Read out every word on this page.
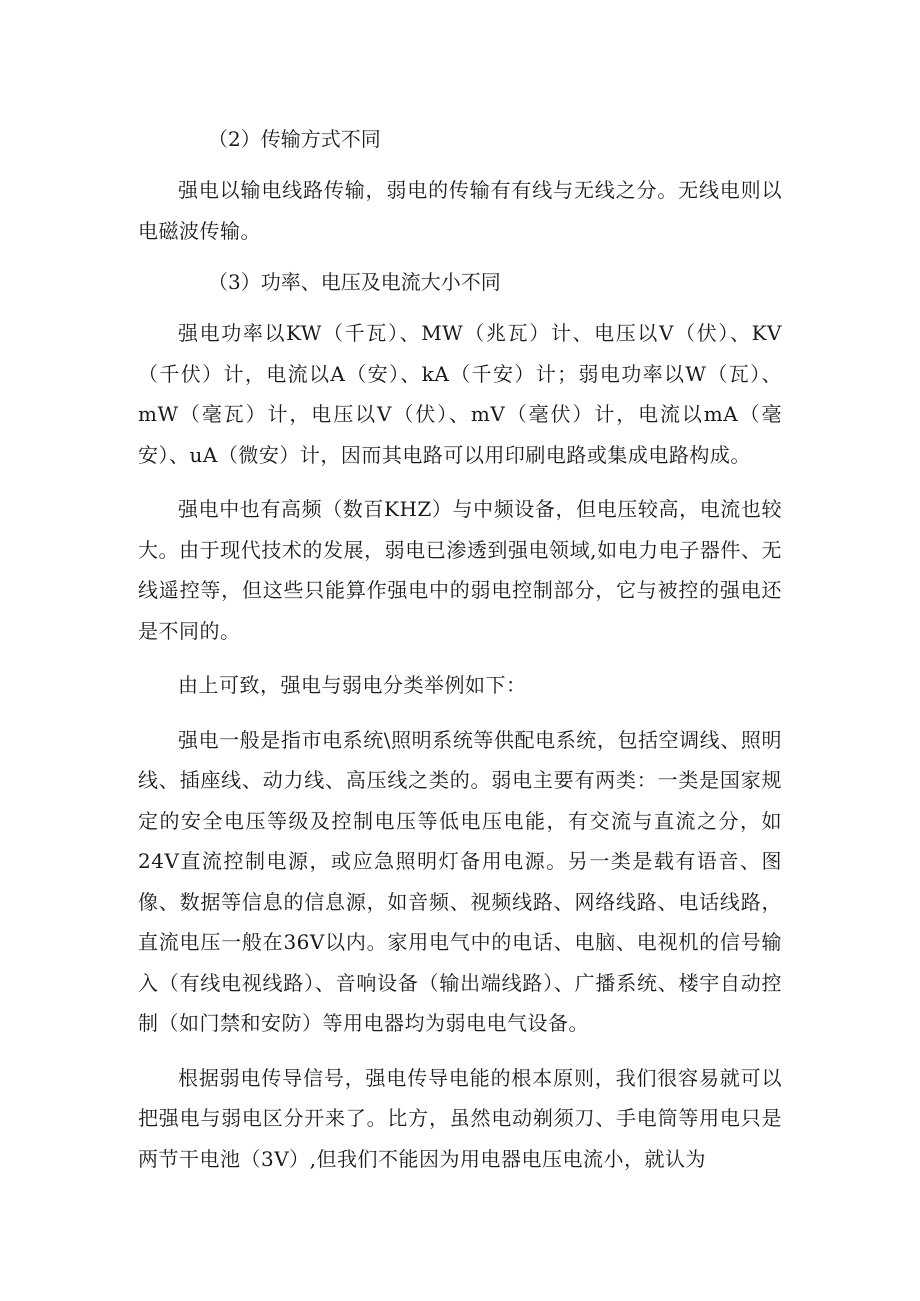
（2）传输方式不同
强电以输电线路传输，弱电的传输有有线与无线之分。无线电则以电磁波传输。
（3）功率、电压及电流大小不同
强电功率以KW（千瓦）、MW（兆瓦）计、电压以V（伏）、KV（千伏）计，电流以A（安）、kA（千安）计；弱电功率以W（瓦）、mW（毫瓦）计，电压以V（伏）、mV（毫伏）计，电流以mA（毫安）、uA（微安）计，因而其电路可以用印刷电路或集成电路构成。
强电中也有高频（数百KHZ）与中频设备，但电压较高，电流也较大。由于现代技术的发展，弱电已渗透到强电领域,如电力电子器件、无线遥控等，但这些只能算作强电中的弱电控制部分，它与被控的强电还是不同的。
由上可致，强电与弱电分类举例如下：
强电一般是指市电系统\照明系统等供配电系统，包括空调线、照明线、插座线、动力线、高压线之类的。弱电主要有两类：一类是国家规定的安全电压等级及控制电压等低电压电能，有交流与直流之分，如24V直流控制电源，或应急照明灯备用电源。另一类是载有语音、图像、数据等信息的信息源，如音频、视频线路、网络线路、电话线路，直流电压一般在36V以内。家用电气中的电话、电脑、电视机的信号输入（有线电视线路）、音响设备（输出端线路）、广播系统、楼宇自动控制（如门禁和安防）等用电器均为弱电电气设备。
根据弱电传导信号，强电传导电能的根本原则，我们很容易就可以把强电与弱电区分开来了。比方，虽然电动剃须刀、手电筒等用电只是两节干电池（3V）,但我们不能因为用电器电压电流小，就认为
